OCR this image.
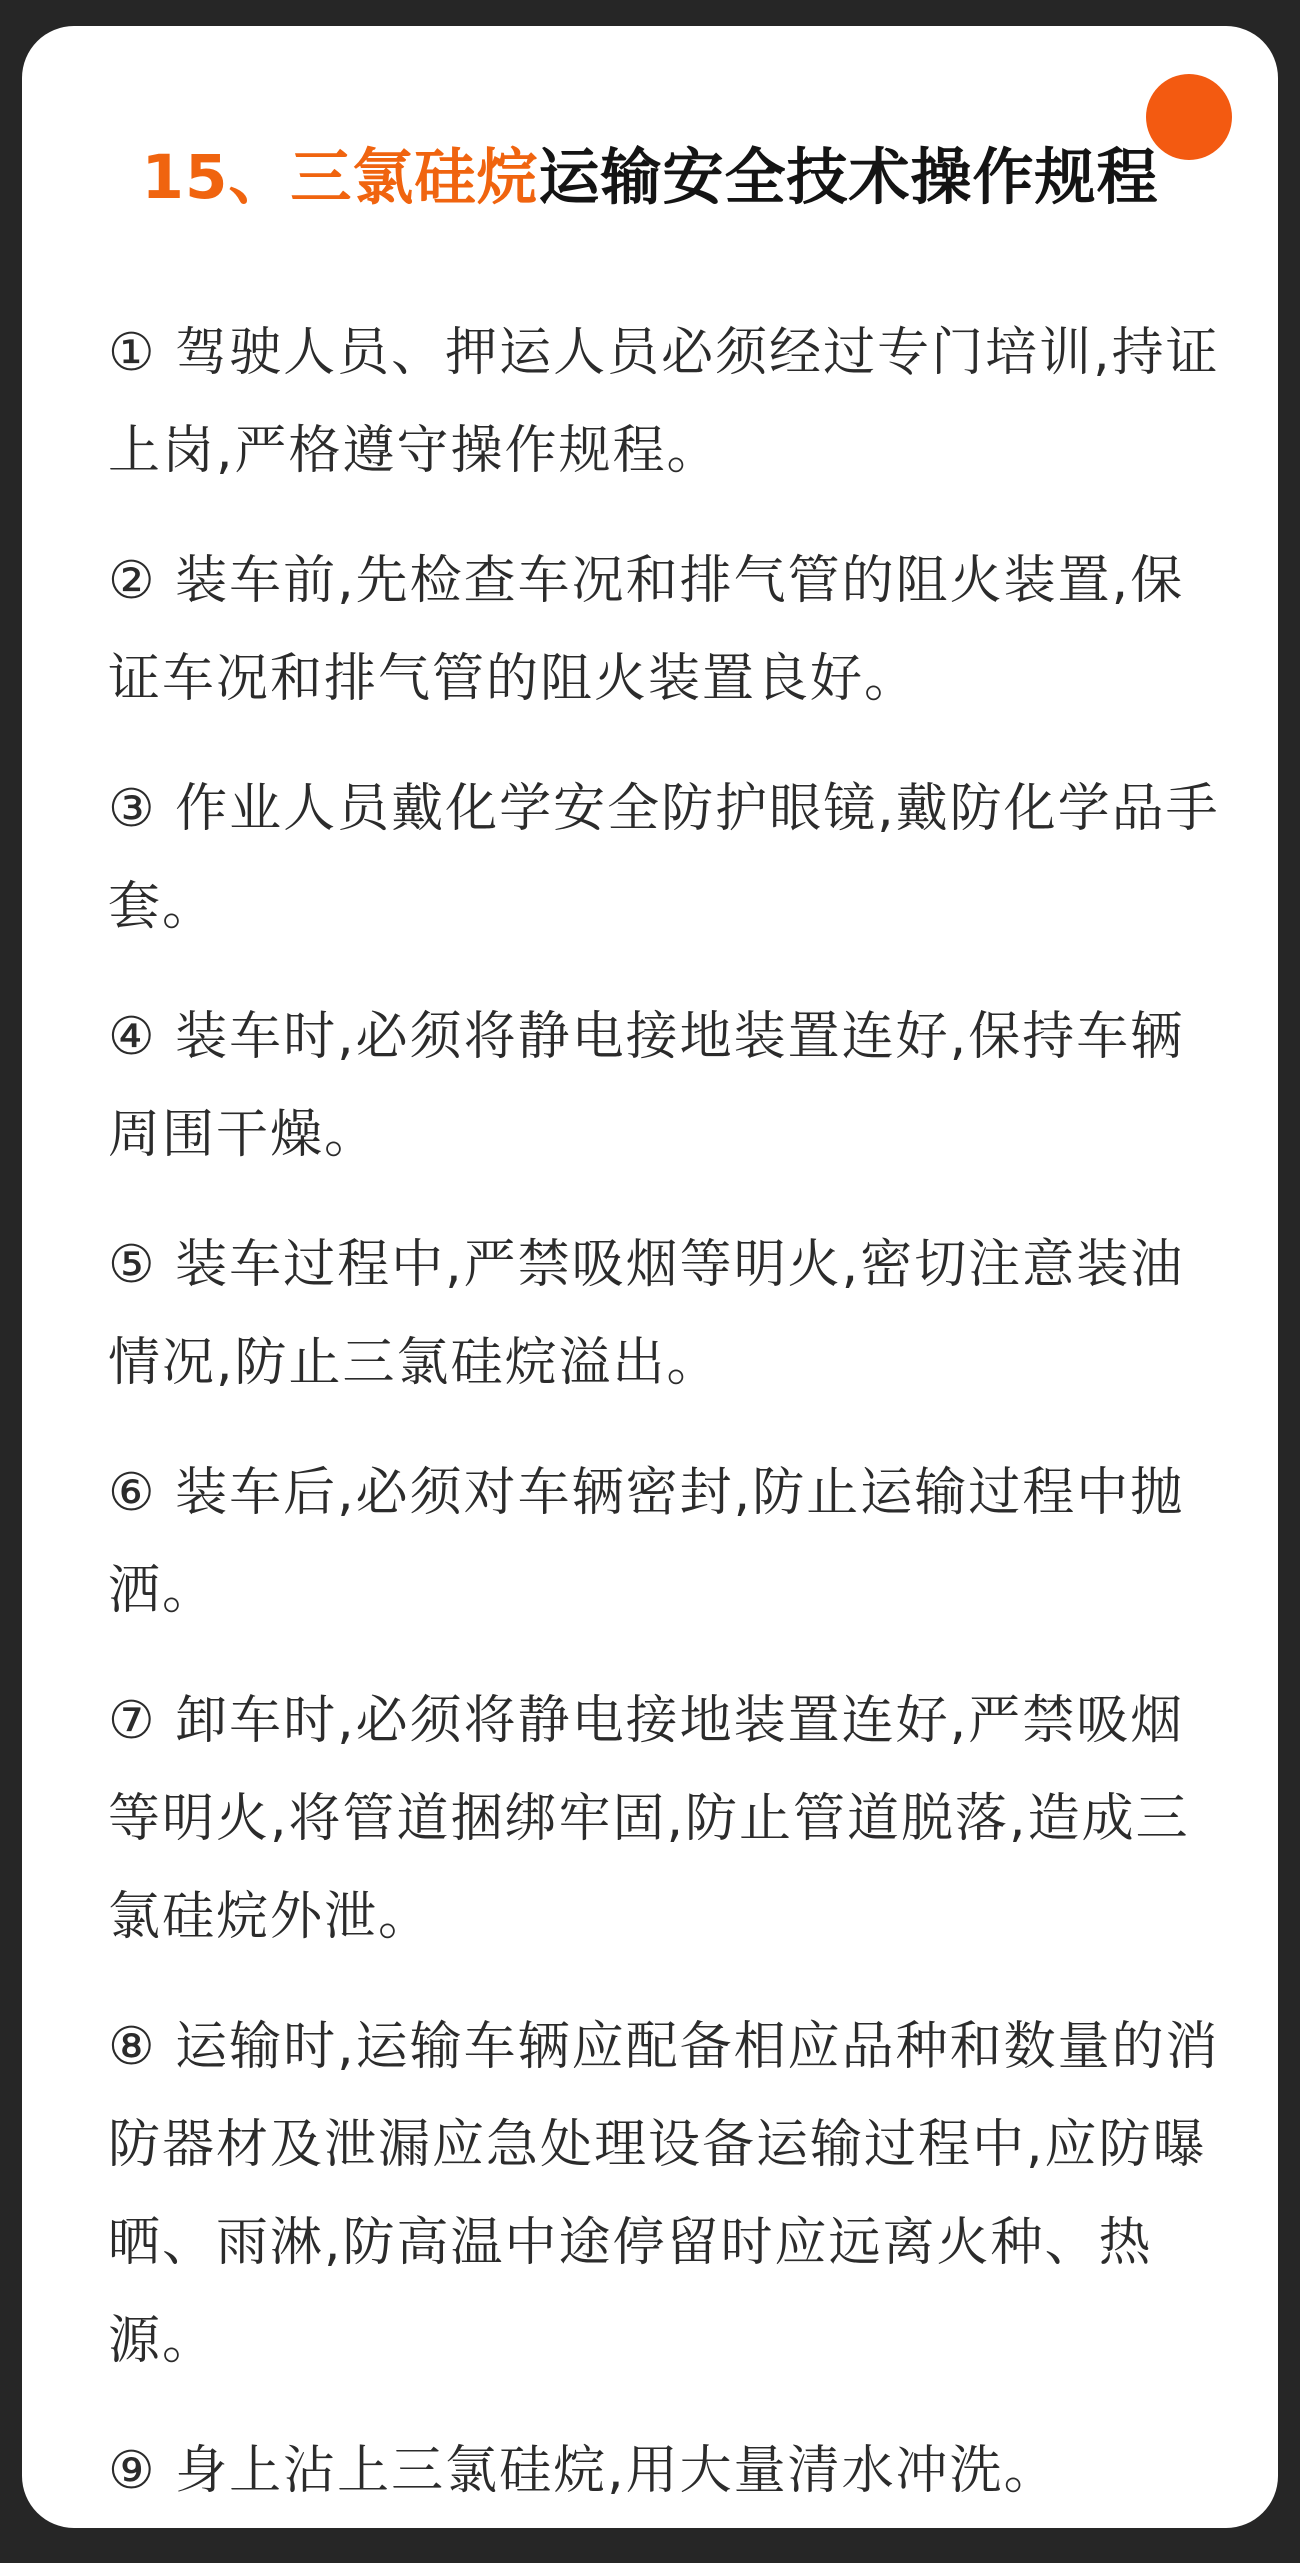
15、三氯硅烷运输安全技术操作规程
① 驾驶人员、押运人员必须经过专门培训,持证上岗,严格遵守操作规程。
② 装车前,先检查车况和排气管的阻火装置,保证车况和排气管的阻火装置良好。
③ 作业人员戴化学安全防护眼镜,戴防化学品手套。
④ 装车时,必须将静电接地装置连好,保持车辆周围干燥。
⑤ 装车过程中,严禁吸烟等明火,密切注意装油情况,防止三氯硅烷溢出。
⑥ 装车后,必须对车辆密封,防止运输过程中抛洒。
⑦ 卸车时,必须将静电接地装置连好,严禁吸烟等明火,将管道捆绑牢固,防止管道脱落,造成三氯硅烷外泄。
⑧ 运输时,运输车辆应配备相应品种和数量的消防器材及泄漏应急处理设备运输过程中,应防曝晒、雨淋,防高温中途停留时应远离火种、热源。
⑨ 身上沾上三氯硅烷,用大量清水冲洗。
